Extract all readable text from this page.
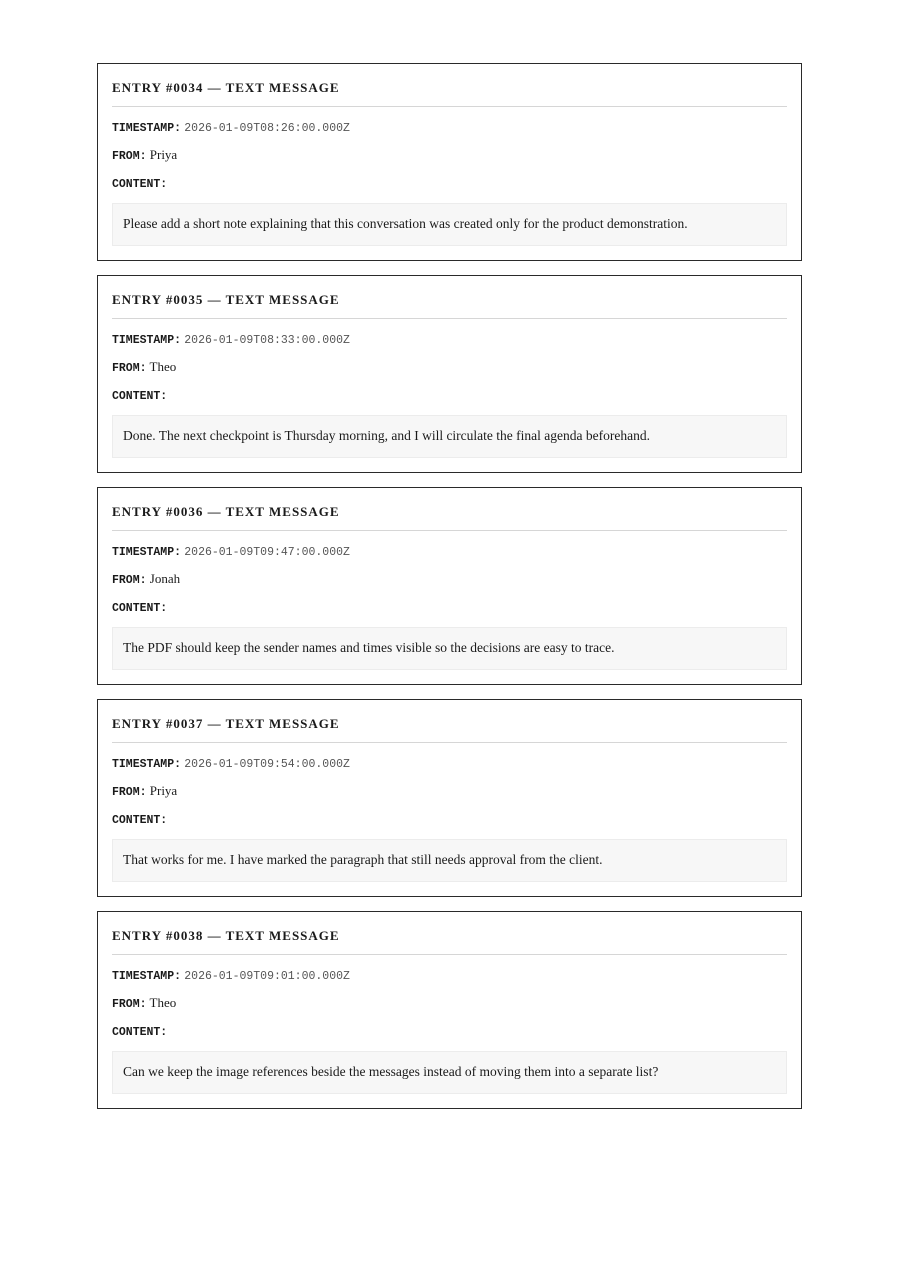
ENTRY #0034 — TEXT MESSAGE
TIMESTAMP: 2026-01-09T08:26:00.000Z
FROM: Priya
CONTENT:
Please add a short note explaining that this conversation was created only for the product demonstration.
ENTRY #0035 — TEXT MESSAGE
TIMESTAMP: 2026-01-09T08:33:00.000Z
FROM: Theo
CONTENT:
Done. The next checkpoint is Thursday morning, and I will circulate the final agenda beforehand.
ENTRY #0036 — TEXT MESSAGE
TIMESTAMP: 2026-01-09T09:47:00.000Z
FROM: Jonah
CONTENT:
The PDF should keep the sender names and times visible so the decisions are easy to trace.
ENTRY #0037 — TEXT MESSAGE
TIMESTAMP: 2026-01-09T09:54:00.000Z
FROM: Priya
CONTENT:
That works for me. I have marked the paragraph that still needs approval from the client.
ENTRY #0038 — TEXT MESSAGE
TIMESTAMP: 2026-01-09T09:01:00.000Z
FROM: Theo
CONTENT:
Can we keep the image references beside the messages instead of moving them into a separate list?
